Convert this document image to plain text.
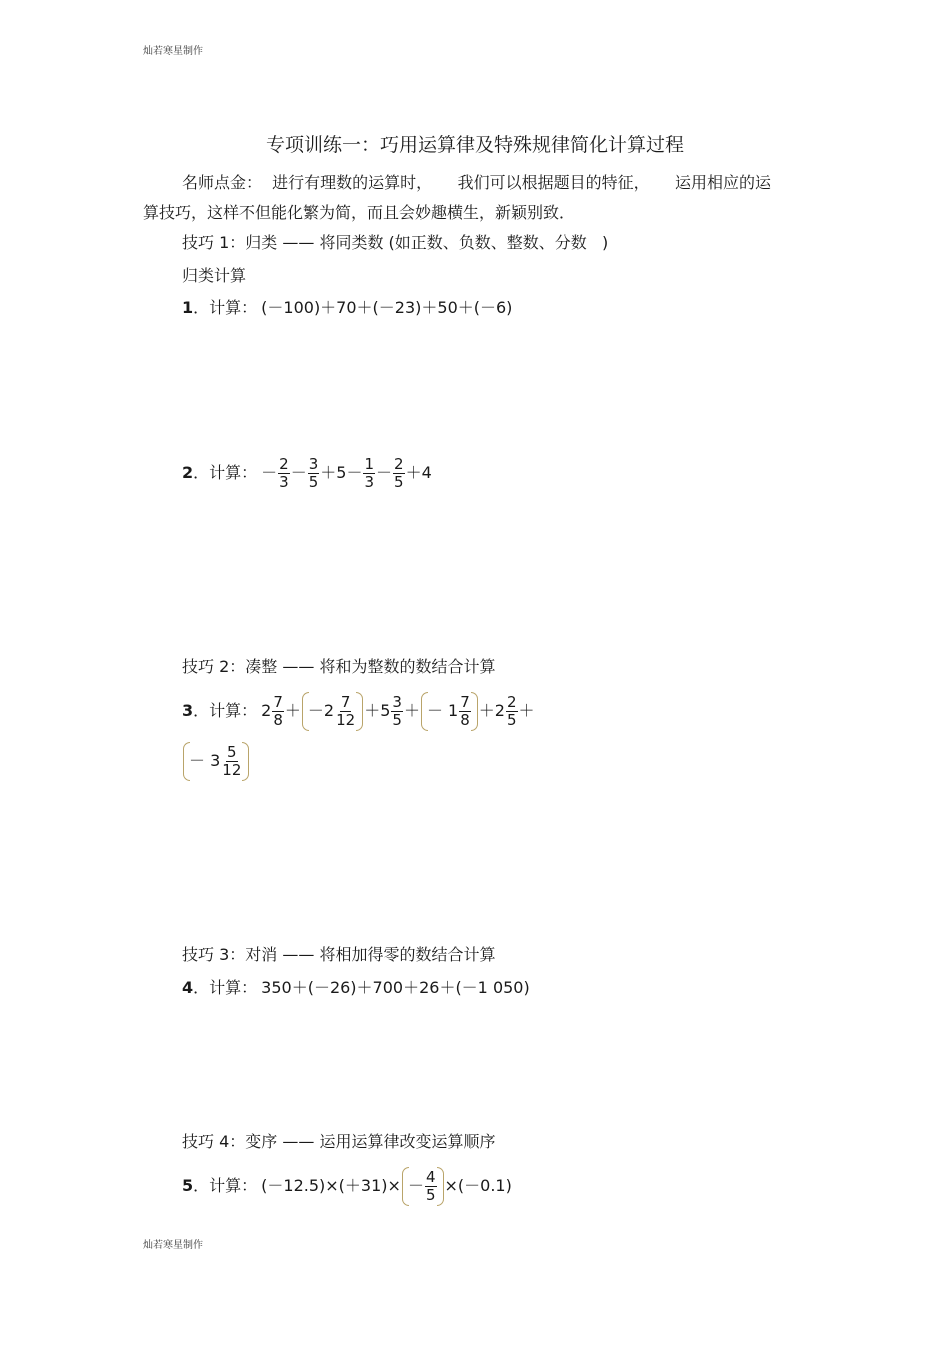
灿若寒星制作
专项训练一：巧用运算律及特殊规律简化计算过程
名师点金：  进行有理数的运算时，     我们可以根据题目的特征，     运用相应的运
算技巧，这样不但能化繁为简，而且会妙趣横生，新颖别致．
技巧 1：归类 —— 将同类数 (如正数、负数、整数、分数   )
归类计算
1．计算： (－100)＋70＋(－23)＋50＋(－6)
2 ．计算： － $\frac{2}{3} - \frac{3}{5} +5- \frac{1}{3} - \frac{2}{5} +4$
技巧 2：凑整 —— 将和为整数的数结合计算
3 ．计算： $2 \frac{7}{8} + -2 \frac{7}{12} + 5 \frac{3}{5}$ ＋ － $1 \frac{7}{8} + 2 \frac{2}{5}$ ＋
－ $3 \frac{5}{12}$
技巧 3：对消 —— 将相加得零的数结合计算
4．计算： 350＋(－26)＋700＋26＋(－1 050)
技巧 4：变序 —— 运用运算律改变运算顺序
5 ．计算： $(-12.5)\times(+31)\times - \frac{4}{5} \times(-0.1)$
灿若寒星制作
